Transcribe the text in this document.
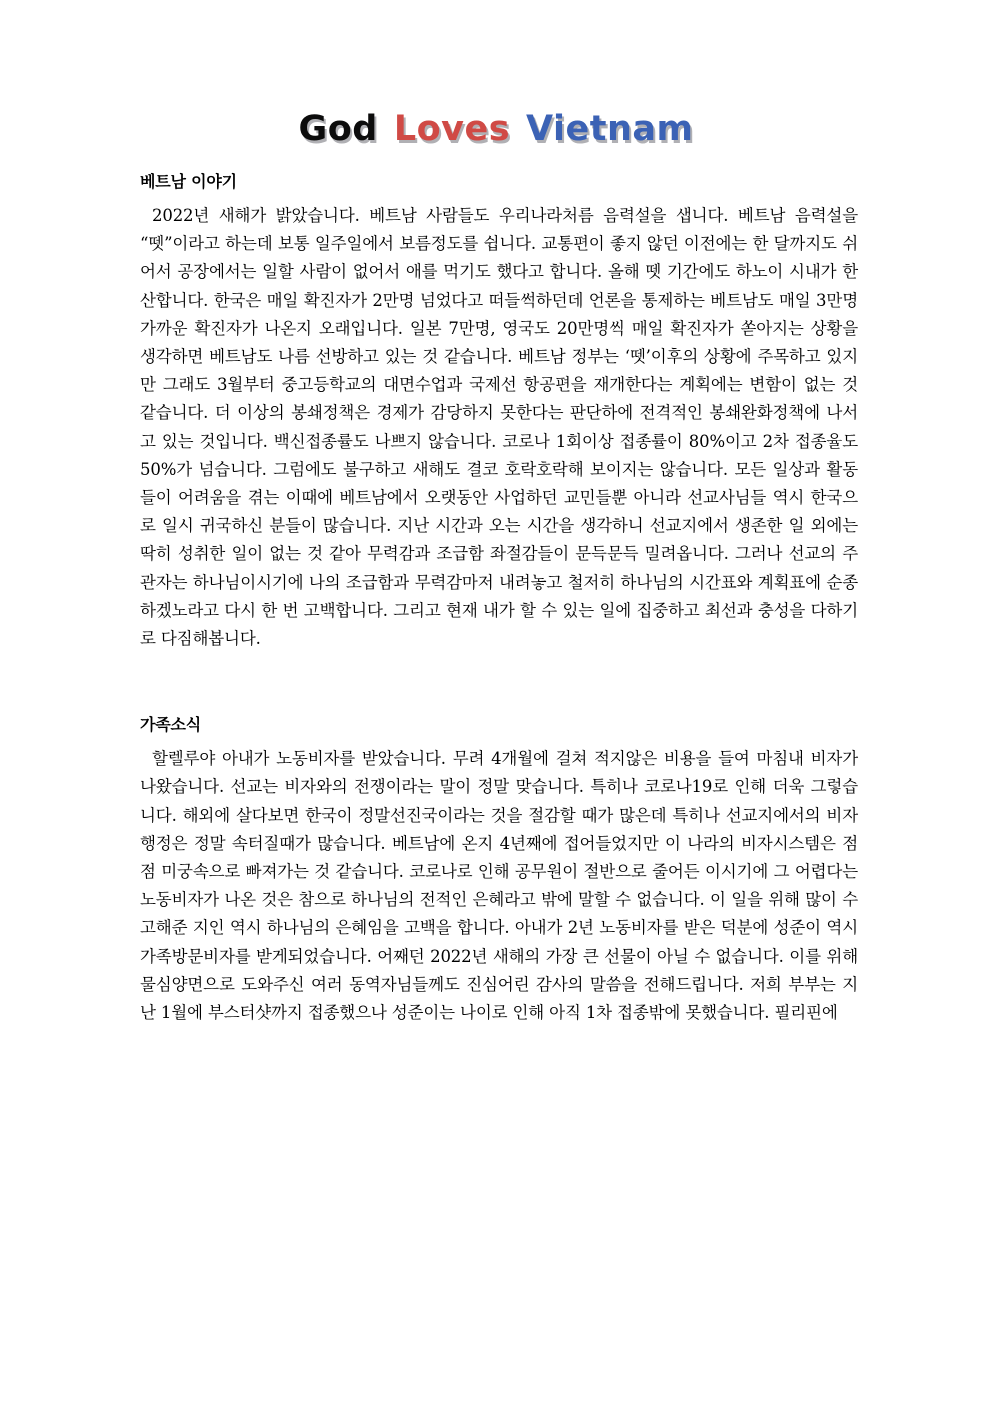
God Loves Vietnam
베트남 이야기

2022년 새해가 밝았습니다. 베트남 사람들도 우리나라처름 음력설을 샙니다. 베트남 음력설을 “뗏”이라고 하는데 보통 일주일에서 보름정도를 쉽니다. 교통편이 좋지 않던 이전에는 한 달까지도 쉬어서 공장에서는 일할 사람이 없어서 애를 먹기도 했다고 합니다. 올해 뗏 기간에도 하노이 시내가 한산합니다. 한국은 매일 확진자가 2만명 넘었다고 떠들썩하던데 언론을 통제하는 베트남도 매일 3만명 가까운 확진자가 나온지 오래입니다. 일본 7만명, 영국도 20만명씩 매일 확진자가 쏟아지는 상황을 생각하면 베트남도 나름 선방하고 있는 것 같습니다. 베트남 정부는 ‘뗏’이후의 상황에 주목하고 있지만 그래도 3월부터 중고등학교의 대면수업과 국제선 항공편을 재개한다는 계획에는 변함이 없는 것 같습니다. 더 이상의 봉쇄정책은 경제가 감당하지 못한다는 판단하에 전격적인 봉쇄완화정책에 나서고 있는 것입니다. 백신접종률도 나쁘지 않습니다. 코로나 1회이상 접종률이 80%이고 2차 접종율도 50%가 넘습니다. 그럼에도 불구하고 새해도 결코 호락호락해 보이지는 않습니다. 모든 일상과 활동들이 어려움을 겪는 이때에 베트남에서 오랫동안 사업하던 교민들뿐 아니라 선교사님들 역시 한국으로 일시 귀국하신 분들이 많습니다. 지난 시간과 오는 시간을 생각하니 선교지에서 생존한 일 외에는 딱히 성취한 일이 없는 것 같아 무력감과 조급함 좌절감들이 문득문득 밀려옵니다. 그러나 선교의 주관자는 하나님이시기에 나의 조급함과 무력감마저 내려놓고 철저히 하나님의 시간표와 계획표에 순종하겠노라고 다시 한 번 고백합니다. 그리고 현재 내가 할 수 있는 일에 집중하고 최선과 충성을 다하기로 다짐해봅니다.

가족소식

할렐루야 아내가 노동비자를 받았습니다. 무려 4개월에 걸쳐 적지않은 비용을 들여 마침내 비자가 나왔습니다. 선교는 비자와의 전쟁이라는 말이 정말 맞습니다. 특히나 코로나19로 인해 더욱 그렇습니다. 해외에 살다보면 한국이 정말선진국이라는 것을 절감할 때가 많은데 특히나 선교지에서의 비자행정은 정말 속터질때가 많습니다. 베트남에 온지 4년째에 접어들었지만 이 나라의 비자시스템은 점점 미궁속으로 빠져가는 것 같습니다. 코로나로 인해 공무원이 절반으로 줄어든 이시기에 그 어렵다는 노동비자가 나온 것은 참으로 하나님의 전적인 은혜라고 밖에 말할 수 없습니다. 이 일을 위해 많이 수고해준 지인 역시 하나님의 은혜임을 고백을 합니다. 아내가 2년 노동비자를 받은 덕분에 성준이 역시 가족방문비자를 받게되었습니다. 어째던 2022년 새해의 가장 큰 선물이 아닐 수 없습니다. 이를 위해 물심양면으로 도와주신 여러 동역자님들께도 진심어린 감사의 말씀을 전해드립니다. 저희 부부는 지난 1월에 부스터샷까지 접종했으나 성준이는 나이로 인해 아직 1차 접종밖에 못했습니다. 필리핀에
